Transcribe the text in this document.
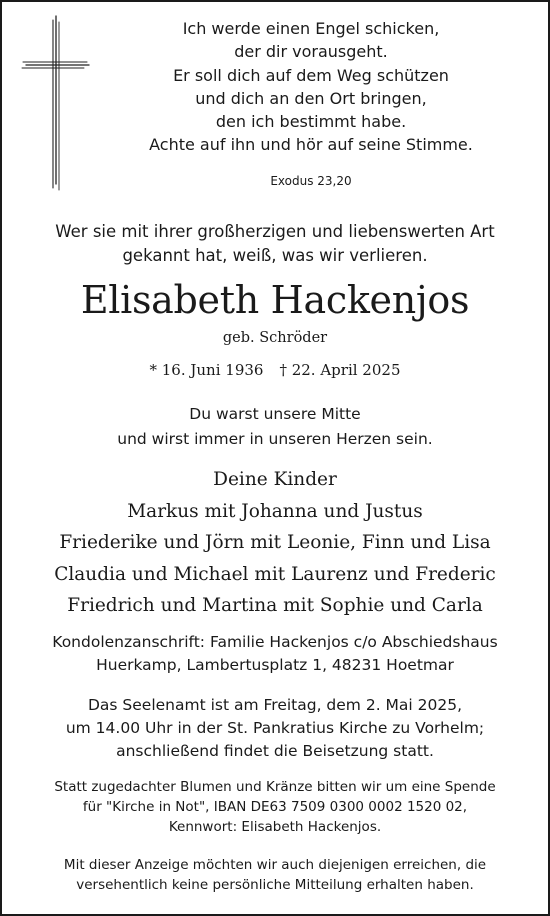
Ich werde einen Engel schicken,
der dir vorausgeht.
Er soll dich auf dem Weg schützen
und dich an den Ort bringen,
den ich bestimmt habe.
Achte auf ihn und hör auf seine Stimme.
Exodus 23,20
Wer sie mit ihrer großherzigen und liebenswerten Art
gekannt hat, weiß, was wir verlieren.
Elisabeth Hackenjos
geb. Schröder
* 16. Juni 1936 † 22. April 2025
Du warst unsere Mitte
und wirst immer in unseren Herzen sein.
Deine Kinder
Markus mit Johanna und Justus
Friederike und Jörn mit Leonie, Finn und Lisa
Claudia und Michael mit Laurenz und Frederic
Friedrich und Martina mit Sophie und Carla
Kondolenzanschrift: Familie Hackenjos c/o Abschiedshaus
Huerkamp, Lambertusplatz 1, 48231 Hoetmar
Das Seelenamt ist am Freitag, dem 2. Mai 2025,
um 14.00 Uhr in der St. Pankratius Kirche zu Vorhelm;
anschließend findet die Beisetzung statt.
Statt zugedachter Blumen und Kränze bitten wir um eine Spende
für "Kirche in Not", IBAN DE63 7509 0300 0002 1520 02,
Kennwort: Elisabeth Hackenjos.
Mit dieser Anzeige möchten wir auch diejenigen erreichen, die
versehentlich keine persönliche Mitteilung erhalten haben.
